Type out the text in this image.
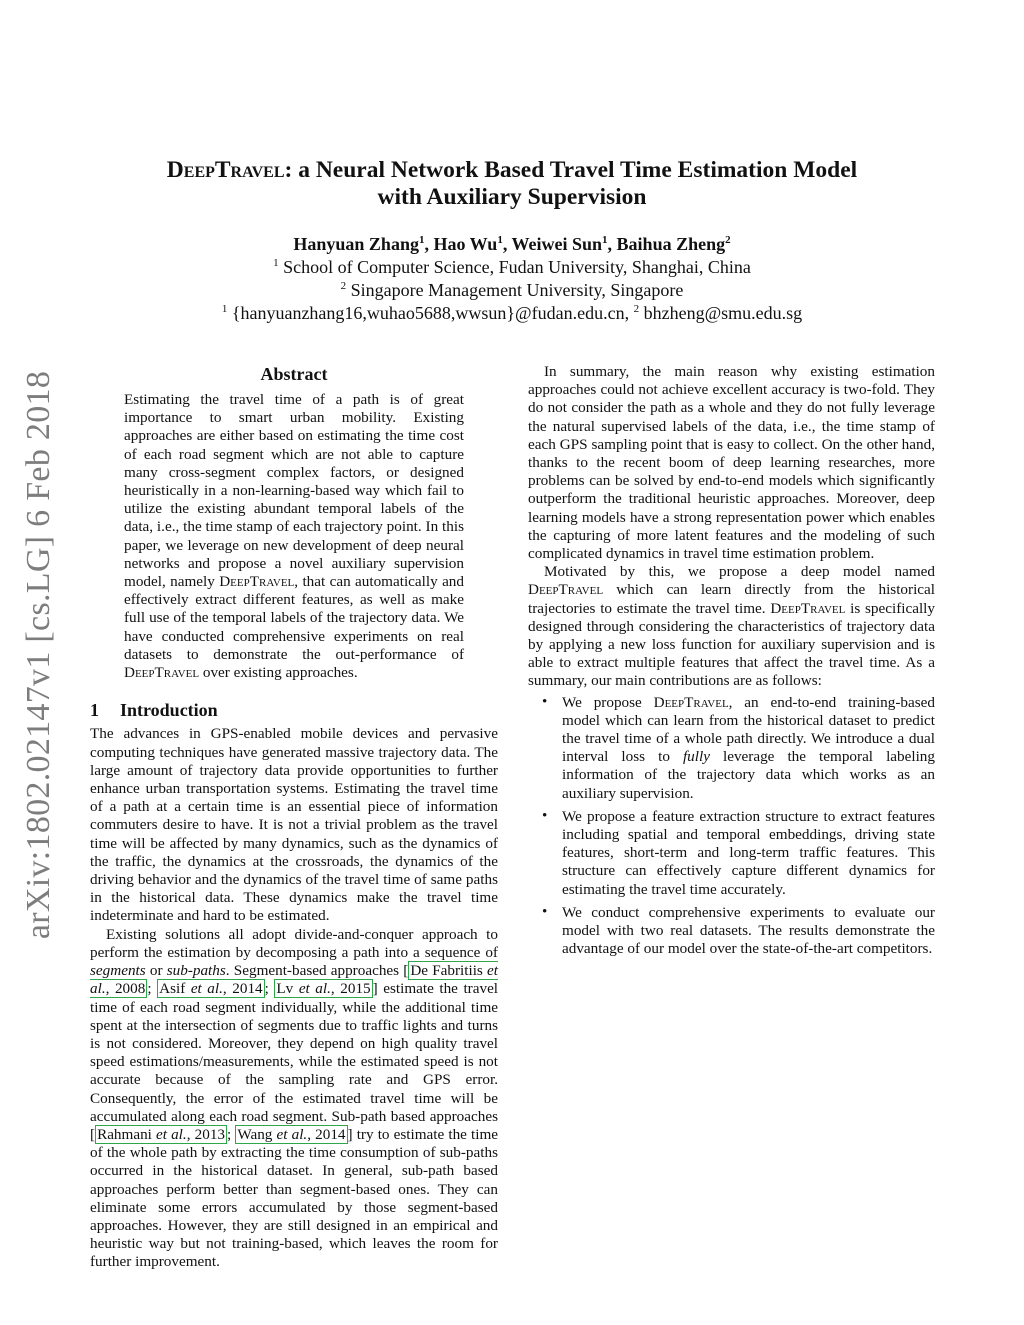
arXiv:1802.02147v1 [cs.LG] 6 Feb 2018
DeepTravel: a Neural Network Based Travel Time Estimation Model
with Auxiliary Supervision
Hanyuan Zhang$^1$, Hao Wu$^1$, Weiwei Sun$^1$, Baihua Zheng$^2$
$^1$ School of Computer Science, Fudan University, Shanghai, China
$^2$ Singapore Management University, Singapore
$^1$ {hanyuanzhang16,wuhao5688,wwsun}@fudan.edu.cn, $^2$ bhzheng@smu.edu.sg
Abstract

Estimating the travel time of a path is of great importance to smart urban mobility. Existing approaches are either based on estimating the time cost of each road segment which are not able to capture many cross-segment complex factors, or designed heuristically in a non-learning-based way which fail to utilize the existing abundant temporal labels of the data, i.e., the time stamp of each trajectory point. In this paper, we leverage on new development of deep neural networks and propose a novel auxiliary supervision model, namely DeepTravel, that can automatically and effectively extract different features, as well as make full use of the temporal labels of the trajectory data. We have conducted comprehensive experiments on real datasets to demonstrate the out-performance of DeepTravel over existing approaches.

1 Introduction

The advances in GPS-enabled mobile devices and pervasive computing techniques have generated massive trajectory data. The large amount of trajectory data provide opportunities to further enhance urban transportation systems. Estimating the travel time of a path at a certain time is an essential piece of information commuters desire to have. It is not a trivial problem as the travel time will be affected by many dynamics, such as the dynamics of the traffic, the dynamics at the crossroads, the dynamics of the driving behavior and the dynamics of the travel time of same paths in the historical data. These dynamics make the travel time indeterminate and hard to be estimated.

Existing solutions all adopt divide-and-conquer approach to perform the estimation by decomposing a path into a sequence of segments or sub-paths. Segment-based approaches [ De Fabritiis et al., 2008 ; Asif et al., 2014 ; Lv et al., 2015 ] estimate the travel time of each road segment individually, while the additional time spent at the intersection of segments due to traffic lights and turns is not considered. Moreover, they depend on high quality travel speed estimations/measurements, while the estimated speed is not accurate because of the sampling rate and GPS error. Consequently, the error of the estimated travel time will be accumulated along each road segment. Sub-path based approaches [ Rahmani et al., 2013 ; Wang et al., 2014 ] try to estimate the time of the whole path by extracting the time consumption of sub-paths occurred in the historical dataset. In general, sub-path based approaches perform better than segment-based ones. They can eliminate some errors accumulated by those segment-based approaches. However, they are still designed in an empirical and heuristic way but not training-based, which leaves the room for further improvement.

In summary, the main reason why existing estimation approaches could not achieve excellent accuracy is two-fold. They do not consider the path as a whole and they do not fully leverage the natural supervised labels of the data, i.e., the time stamp of each GPS sampling point that is easy to collect. On the other hand, thanks to the recent boom of deep learning researches, more problems can be solved by end-to-end models which significantly outperform the traditional heuristic approaches. Moreover, deep learning models have a strong representation power which enables the capturing of more latent features and the modeling of such complicated dynamics in travel time estimation problem.

Motivated by this, we propose a deep model named DeepTravel which can learn directly from the historical trajectories to estimate the travel time. DeepTravel is specifically designed through considering the characteristics of trajectory data by applying a new loss function for auxiliary supervision and is able to extract multiple features that affect the travel time. As a summary, our main contributions are as follows:

• We propose DeepTravel, an end-to-end training-based model which can learn from the historical dataset to predict the travel time of a whole path directly. We introduce a dual interval loss to fully leverage the temporal labeling information of the trajectory data which works as an auxiliary supervision.
• We propose a feature extraction structure to extract features including spatial and temporal embeddings, driving state features, short-term and long-term traffic features. This structure can effectively capture different dynamics for estimating the travel time accurately.
• We conduct comprehensive experiments to evaluate our model with two real datasets. The results demonstrate the advantage of our model over the state-of-the-art competitors.
